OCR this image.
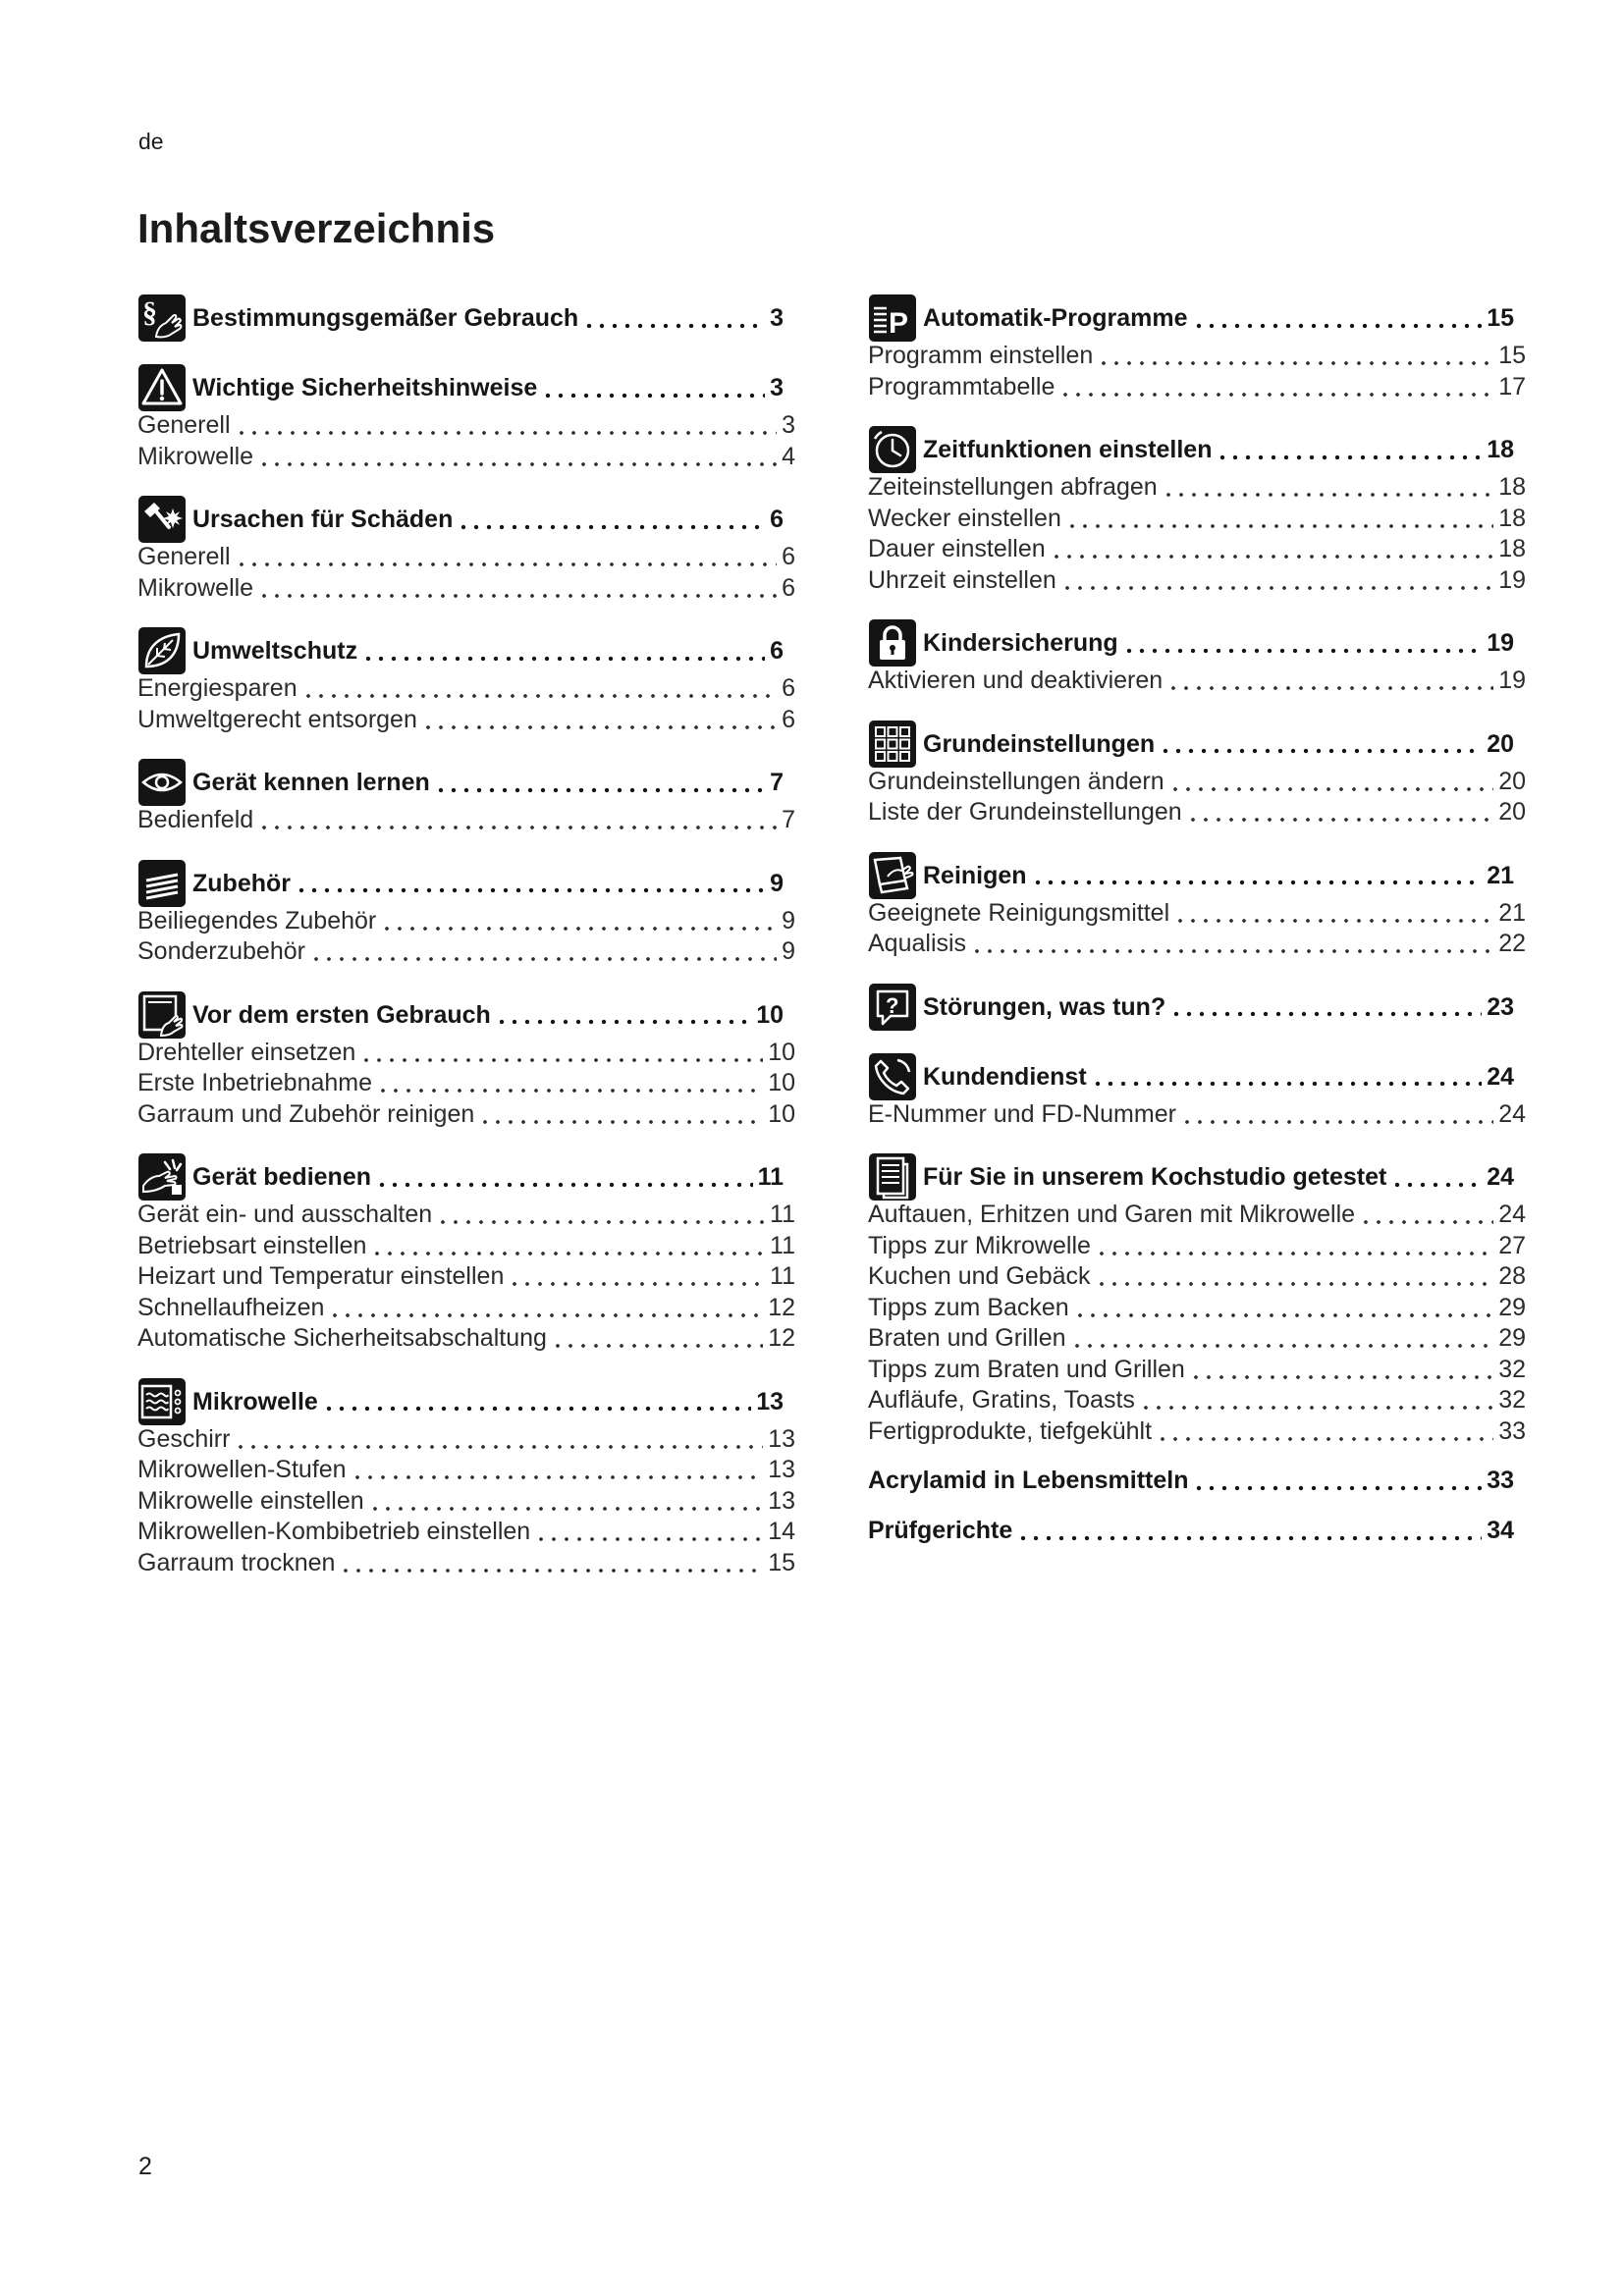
de
Inhaltsverzeichnis
§ Bestimmungsgemäßer Gebrauch	3
Wichtige Sicherheitshinweise	3
Generell	3
Mikrowelle	4
Ursachen für Schäden	6
Generell	6
Mikrowelle	6
Umweltschutz	6
Energiesparen	6
Umweltgerecht entsorgen	6
Gerät kennen lernen	7
Bedienfeld	7
Zubehör	9
Beiliegendes Zubehör	9
Sonderzubehör	9
Vor dem ersten Gebrauch	10
Drehteller einsetzen	10
Erste Inbetriebnahme	10
Garraum und Zubehör reinigen	10
Gerät bedienen	11
Gerät ein- und ausschalten	11
Betriebsart einstellen	11
Heizart und Temperatur einstellen	11
Schnellaufheizen	12
Automatische Sicherheitsabschaltung	12
Mikrowelle	13
Geschirr	13
Mikrowellen-Stufen	13
Mikrowelle einstellen	13
Mikrowellen-Kombibetrieb einstellen	14
Garraum trocknen	15
P Automatik-Programme	15
Programm einstellen	15
Programmtabelle	17
Zeitfunktionen einstellen	18
Zeiteinstellungen abfragen	18
Wecker einstellen	18
Dauer einstellen	18
Uhrzeit einstellen	19
Kindersicherung	19
Aktivieren und deaktivieren	19
Grundeinstellungen	20
Grundeinstellungen ändern	20
Liste der Grundeinstellungen	20
Reinigen	21
Geeignete Reinigungsmittel	21
Aqualisis	22
? Störungen, was tun?	23
Kundendienst	24
E-Nummer und FD-Nummer	24
Für Sie in unserem Kochstudio getestet	24
Auftauen, Erhitzen und Garen mit Mikrowelle	24
Tipps zur Mikrowelle	27
Kuchen und Gebäck	28
Tipps zum Backen	29
Braten und Grillen	29
Tipps zum Braten und Grillen	32
Aufläufe, Gratins, Toasts	32
Fertigprodukte, tiefgekühlt	33
Acrylamid in Lebensmitteln	33
Prüfgerichte	34
2
